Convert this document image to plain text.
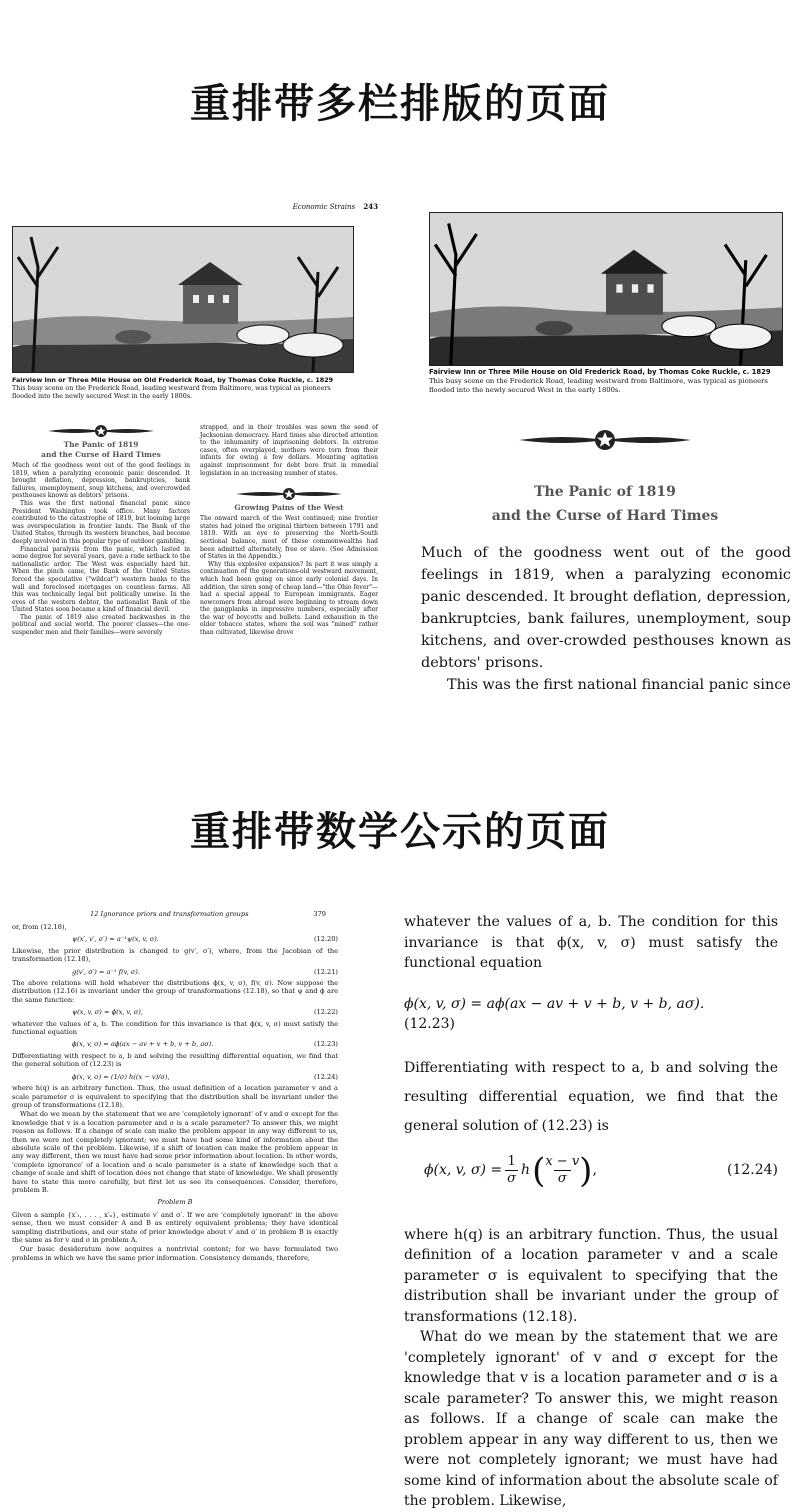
重排带多栏排版的页面
重排带数学公示的页面
Economic Strains 243
Fairview Inn or Three Mile House on Old Frederick Road, by Thomas Coke Ruckle, c. 1829
This busy scene on the Frederick Road, leading westward from Baltimore, was typical as pioneers flooded into the newly secured West in the early 1800s.
The Panic of 1819
and the Curse of Hard Times

Much of the goodness went out of the good feelings in 1819, when a paralyzing economic panic descended. It brought deflation, depression, bankruptcies, bank failures, unemployment, soup kitchens, and overcrowded pesthouses known as debtors' prisons.

This was the first national financial panic since President Washington took office. Many factors contributed to the catastrophe of 1819, but looming large was overspeculation in frontier lands. The Bank of the United States, through its western branches, had become deeply involved in this popular type of outdoor gambling.

Financial paralysis from the panic, which lasted in some degree for several years, gave a rude setback to the nationalistic ardor. The West was especially hard hit. When the pinch came, the Bank of the United States forced the speculative ("wildcat") western banks to the wall and foreclosed mortgages on countless farms. All this was technically legal but politically unwise. In the eyes of the western debtor, the nationalist Bank of the United States soon became a kind of financial devil.

The panic of 1819 also created backwashes in the political and social world. The poorer classes—the one-suspender men and their families—were severely

strapped, and in their troubles was sown the seed of Jacksonian democracy. Hard times also directed attention to the inhumanity of imprisoning debtors. In extreme cases, often overplayed, mothers were torn from their infants for owing a few dollars. Mounting agitation against imprisonment for debt bore fruit in remedial legislation in an increasing number of states.

Growing Pains of the West

The onward march of the West continued; nine frontier states had joined the original thirteen between 1791 and 1819. With an eye to preserving the North-South sectional balance, most of these commonwealths had been admitted alternately, free or slave. (See Admission of States in the Appendix.)

Why this explosive expansion? In part it was simply a continuation of the generations-old westward movement, which had been going on since early colonial days. In addition, the siren song of cheap land—"the Ohio fever"—had a special appeal to European immigrants. Eager newcomers from abroad were beginning to stream down the gangplanks in impressive numbers, especially after the war of boycotts and bullets. Land exhaustion in the older tobacco states, where the soil was "mined" rather than cultivated, likewise drove

Fairview Inn or Three Mile House on Old Frederick Road, by Thomas Coke Ruckle, c. 1829
This busy scene on the Frederick Road, leading westward from Baltimore, was typical as pioneers flooded into the newly secured West in the early 1800s.
The Panic of 1819
and the Curse of Hard Times

Much of the goodness went out of the good feelings in 1819, when a paralyzing economic panic descended. It brought deflation, depression, bankruptcies, bank failures, unemployment, soup kitchens, and over-crowded pesthouses known as debtors' prisons.

This was the first national financial panic since

12 Ignorance priors and transformation groups	379

or, from (12.18),

ψ(x′, v′, σ′) = a⁻¹ψ(x, v, σ).	(12.20)

Likewise, the prior distribution is changed to g(v′, σ′), where, from the Jacobian of the transformation (12.18),

g(v′, σ′) = a⁻¹ f(v, σ).	(12.21)

The above relations will hold whatever the distributions ϕ(x, v, σ), f(v, σ). Now suppose the distribution (12.16) is invariant under the group of transformations (12.18), so that ψ and ϕ are the same function:

ψ(x, v, σ) = ϕ(x, v, σ),	(12.22)

whatever the values of a, b. The condition for this invariance is that ϕ(x, v, σ) must satisfy the functional equation

ϕ(x, v, σ) = aϕ(ax − av + v + b, v + b, aσ).	(12.23)

Differentiating with respect to a, b and solving the resulting differential equation, we find that the general solution of (12.23) is

ϕ(x, v, σ) = (1/σ) h((x − v)/σ),	(12.24)

where h(q) is an arbitrary function. Thus, the usual definition of a location parameter v and a scale parameter σ is equivalent to specifying that the distribution shall be invariant under the group of transformations (12.18).

What do we mean by the statement that we are 'completely ignorant' of v and σ except for the knowledge that v is a location parameter and σ is a scale parameter? To answer this, we might reason as follows. If a change of scale can make the problem appear in any way different to us, then we were not completely ignorant; we must have had some kind of information about the absolute scale of the problem. Likewise, if a shift of location can make the problem appear in any way different, then we must have had some prior information about location. In other words, 'complete ignorance' of a location and a scale parameter is a state of knowledge such that a change of scale and shift of location does not change that state of knowledge. We shall presently have to state this more carefully, but first let us see its consequences. Consider, therefore, problem B.

Problem B

Given a sample {x′₁, . . . , x′ₙ}, estimate v′ and σ′. If we are 'completely ignorant' in the above sense, then we must consider A and B as entirely equivalent problems; they have identical sampling distributions, and our state of prior knowledge about v′ and σ′ in problem B is exactly the same as for v and σ in problem A.

Our basic desideratum now acquires a nontrivial content; for we have formulated two problems in which we have the same prior information. Consistency demands, therefore,

whatever the values of a, b. The condition for this invariance is that ϕ(x, v, σ) must satisfy the functional equation

ϕ(x, v, σ) = aϕ(ax − av + v + b, v + b, aσ).
(12.23)

Differentiating with respect to a, b and solving the resulting differential equation, we find that the general solution of (12.23) is

ϕ(x, v, $\sigma) = \frac{1}{\sigma}$ h ( x − v
σ ) ,	(12.24)

where h(q) is an arbitrary function. Thus, the usual definition of a location parameter v and a scale parameter σ is equivalent to specifying that the distribution shall be invariant under the group of transformations (12.18).

What do we mean by the statement that we are 'completely ignorant' of v and σ except for the knowledge that v is a location parameter and σ is a scale parameter? To answer this, we might reason as follows. If a change of scale can make the problem appear in any way different to us, then we were not completely ignorant; we must have had some kind of information about the absolute scale of the problem. Likewise,
